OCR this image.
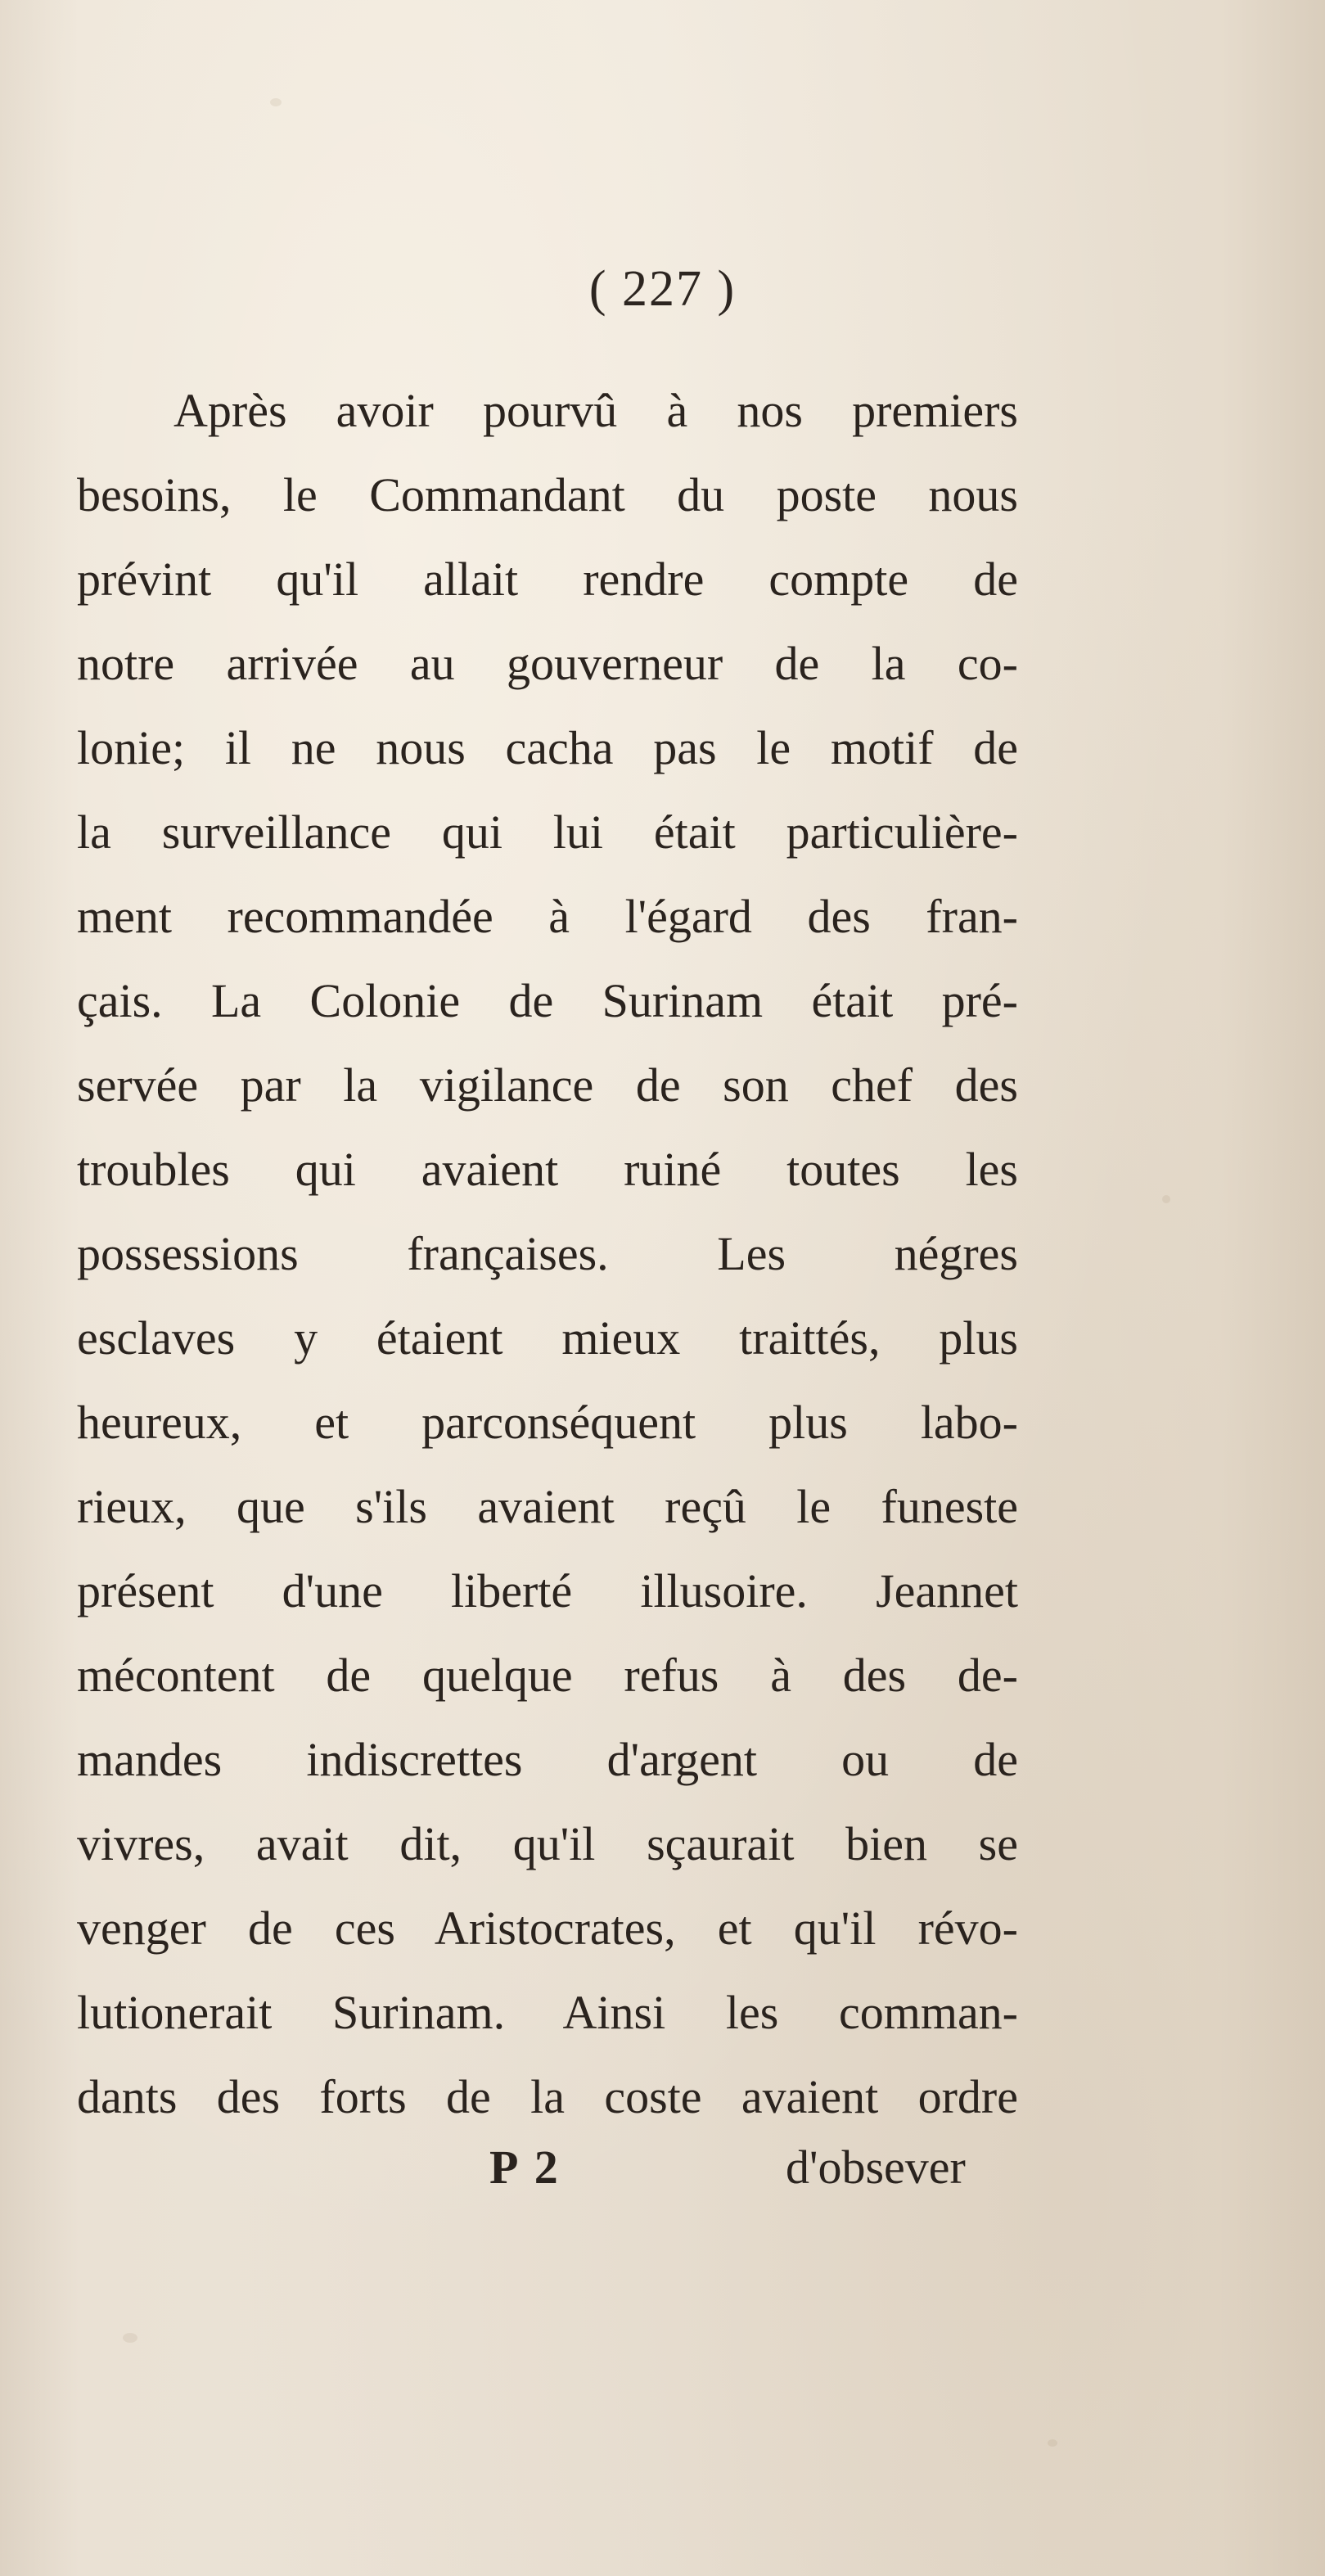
( 227 )
Après avoir pourvû à nos premiers
besoins, le Commandant du poste nous
prévint qu'il allait rendre compte de
notre arrivée au gouverneur de la co-
lonie; il ne nous cacha pas le motif de
la surveillance qui lui était particulière-
ment recommandée à l'égard des fran-
çais. La Colonie de Surinam était pré-
servée par la vigilance de son chef des
troubles qui avaient ruiné toutes les
possessions françaises. Les négres
esclaves y étaient mieux traittés, plus
heureux, et parconséquent plus labo-
rieux, que s'ils avaient reçû le funeste
présent d'une liberté illusoire. Jeannet
mécontent de quelque refus à des de-
mandes indiscrettes d'argent ou de
vivres, avait dit, qu'il sçaurait bien se
venger de ces Aristocrates, et qu'il révo-
lutionerait Surinam. Ainsi les comman-
dants des forts de la coste avaient ordre
P 2	d'obsever
